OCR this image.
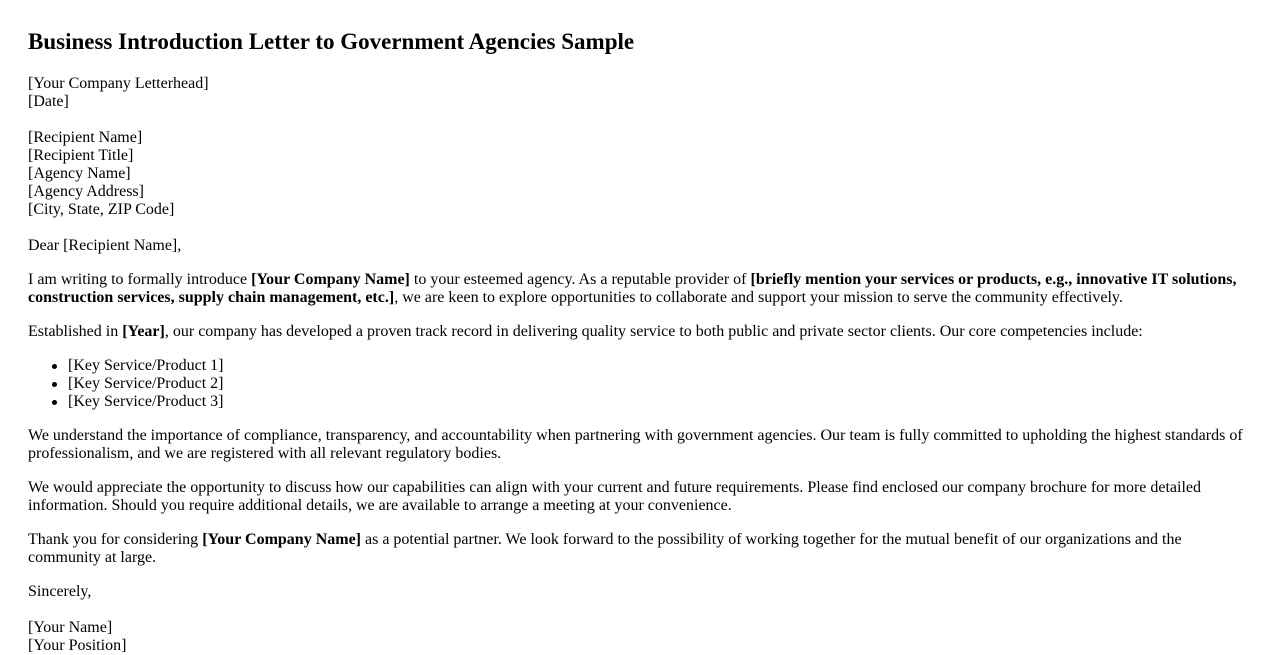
Business Introduction Letter to Government Agencies Sample
[Your Company Letterhead]
[Date]
[Recipient Name]
[Recipient Title]
[Agency Name]
[Agency Address]
[City, State, ZIP Code]

Dear [Recipient Name],

I am writing to formally introduce [Your Company Name] to your esteemed agency. As a reputable provider of [briefly mention your services or products, e.g., innovative IT solutions, construction services, supply chain management, etc.], we are keen to explore opportunities to collaborate and support your mission to serve the community effectively.

Established in [Year], our company has developed a proven track record in delivering quality service to both public and private sector clients. Our core competencies include:

[Key Service/Product 1]
[Key Service/Product 2]
[Key Service/Product 3]

We understand the importance of compliance, transparency, and accountability when partnering with government agencies. Our team is fully committed to upholding the highest standards of professionalism, and we are registered with all relevant regulatory bodies.

We would appreciate the opportunity to discuss how our capabilities can align with your current and future requirements. Please find enclosed our company brochure for more detailed information. Should you require additional details, we are available to arrange a meeting at your convenience.

Thank you for considering [Your Company Name] as a potential partner. We look forward to the possibility of working together for the mutual benefit of our organizations and the community at large.

Sincerely,

[Your Name]
[Your Position]
